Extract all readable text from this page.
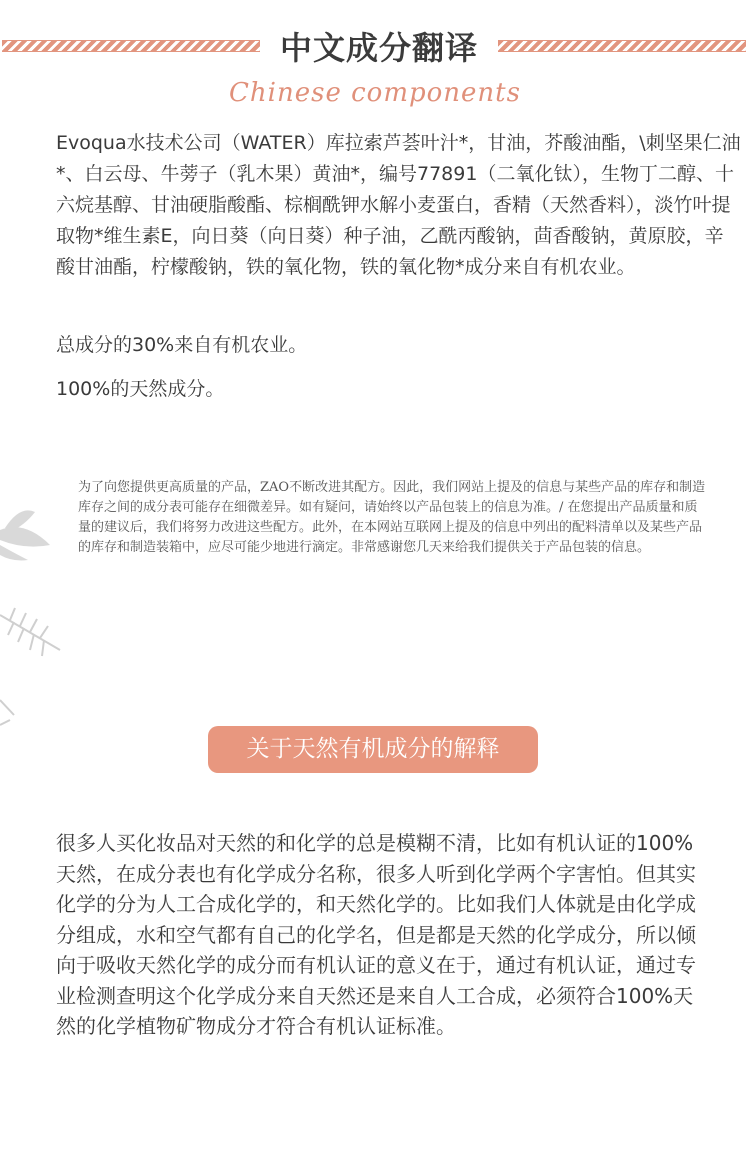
中文成分翻译
Chinese components

Evoqua水技术公司（WATER）库拉索芦荟叶汁*，甘油，芥酸油酯，\刺坚果仁油*、白云母、牛蒡子（乳木果）黄油*，编号77891（二氧化钛），生物丁二醇、十六烷基醇、甘油硬脂酸酯、棕榈酰钾水解小麦蛋白，香精（天然香料），淡竹叶提取物*维生素E，向日葵（向日葵）种子油，乙酰丙酸钠，茴香酸钠，黄原胶，辛酸甘油酯，柠檬酸钠，铁的氧化物，铁的氧化物*成分来自有机农业。

总成分的30%来自有机农业。
100%的天然成分。
为了向您提供更高质量的产品，ZAO不断改进其配方。因此，我们网站上提及的信息与某些产品的库存和制造库存之间的成分表可能存在细微差异。如有疑问，请始终以产品包装上的信息为准。/ 在您提出产品质量和质量的建议后，我们将努力改进这些配方。此外，在本网站互联网上提及的信息中列出的配料清单以及某些产品的库存和制造装箱中，应尽可能少地进行滴定。非常感谢您几天来给我们提供关于产品包装的信息。
关于天然有机成分的解释
很多人买化妆品对天然的和化学的总是模糊不清，比如有机认证的100%天然，在成分表也有化学成分名称，很多人听到化学两个字害怕。但其实化学的分为人工合成化学的，和天然化学的。比如我们人体就是由化学成分组成，水和空气都有自己的化学名，但是都是天然的化学成分，所以倾向于吸收天然化学的成分而有机认证的意义在于，通过有机认证，通过专业检测查明这个化学成分来自天然还是来自人工合成，必须符合100%天然的化学植物矿物成分才符合有机认证标准。
